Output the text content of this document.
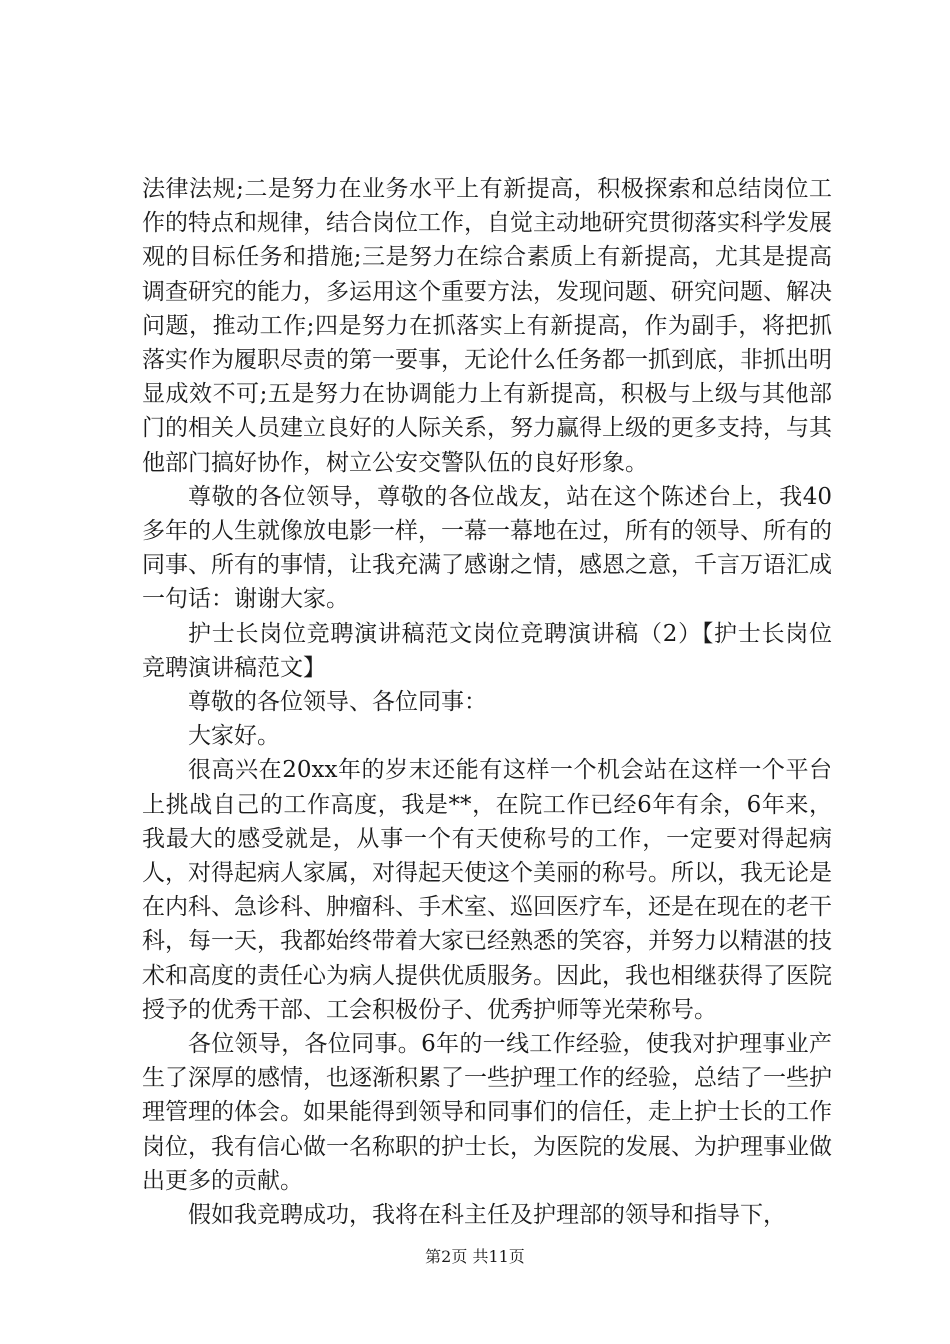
法律法规;二是努力在业务水平上有新提高，积极探索和总结岗位工作的特点和规律，结合岗位工作，自觉主动地研究贯彻落实科学发展观的目标任务和措施;三是努力在综合素质上有新提高，尤其是提高调查研究的能力，多运用这个重要方法，发现问题、研究问题、解决问题，推动工作;四是努力在抓落实上有新提高，作为副手，将把抓落实作为履职尽责的第一要事，无论什么任务都一抓到底，非抓出明显成效不可;五是努力在协调能力上有新提高，积极与上级与其他部门的相关人员建立良好的人际关系，努力赢得上级的更多支持，与其他部门搞好协作，树立公安交警队伍的良好形象。

尊敬的各位领导，尊敬的各位战友，站在这个陈述台上，我40多年的人生就像放电影一样，一幕一幕地在过，所有的领导、所有的同事、所有的事情，让我充满了感谢之情，感恩之意，千言万语汇成一句话：谢谢大家。

护士长岗位竞聘演讲稿范文岗位竞聘演讲稿（2）【护士长岗位竞聘演讲稿范文】

尊敬的各位领导、各位同事：

大家好。

很高兴在20xx年的岁末还能有这样一个机会站在这样一个平台上挑战自己的工作高度，我是**，在院工作已经6年有余，6年来，我最大的感受就是，从事一个有天使称号的工作，一定要对得起病人，对得起病人家属，对得起天使这个美丽的称号。所以，我无论是在内科、急诊科、肿瘤科、手术室、巡回医疗车，还是在现在的老干科，每一天，我都始终带着大家已经熟悉的笑容，并努力以精湛的技术和高度的责任心为病人提供优质服务。因此，我也相继获得了医院授予的优秀干部、工会积极份子、优秀护师等光荣称号。

各位领导，各位同事。6年的一线工作经验，使我对护理事业产生了深厚的感情，也逐渐积累了一些护理工作的经验，总结了一些护理管理的体会。如果能得到领导和同事们的信任，走上护士长的工作岗位，我有信心做一名称职的护士长，为医院的发展、为护理事业做出更多的贡献。

假如我竞聘成功，我将在科主任及护理部的领导和指导下，

第2页 共11页
